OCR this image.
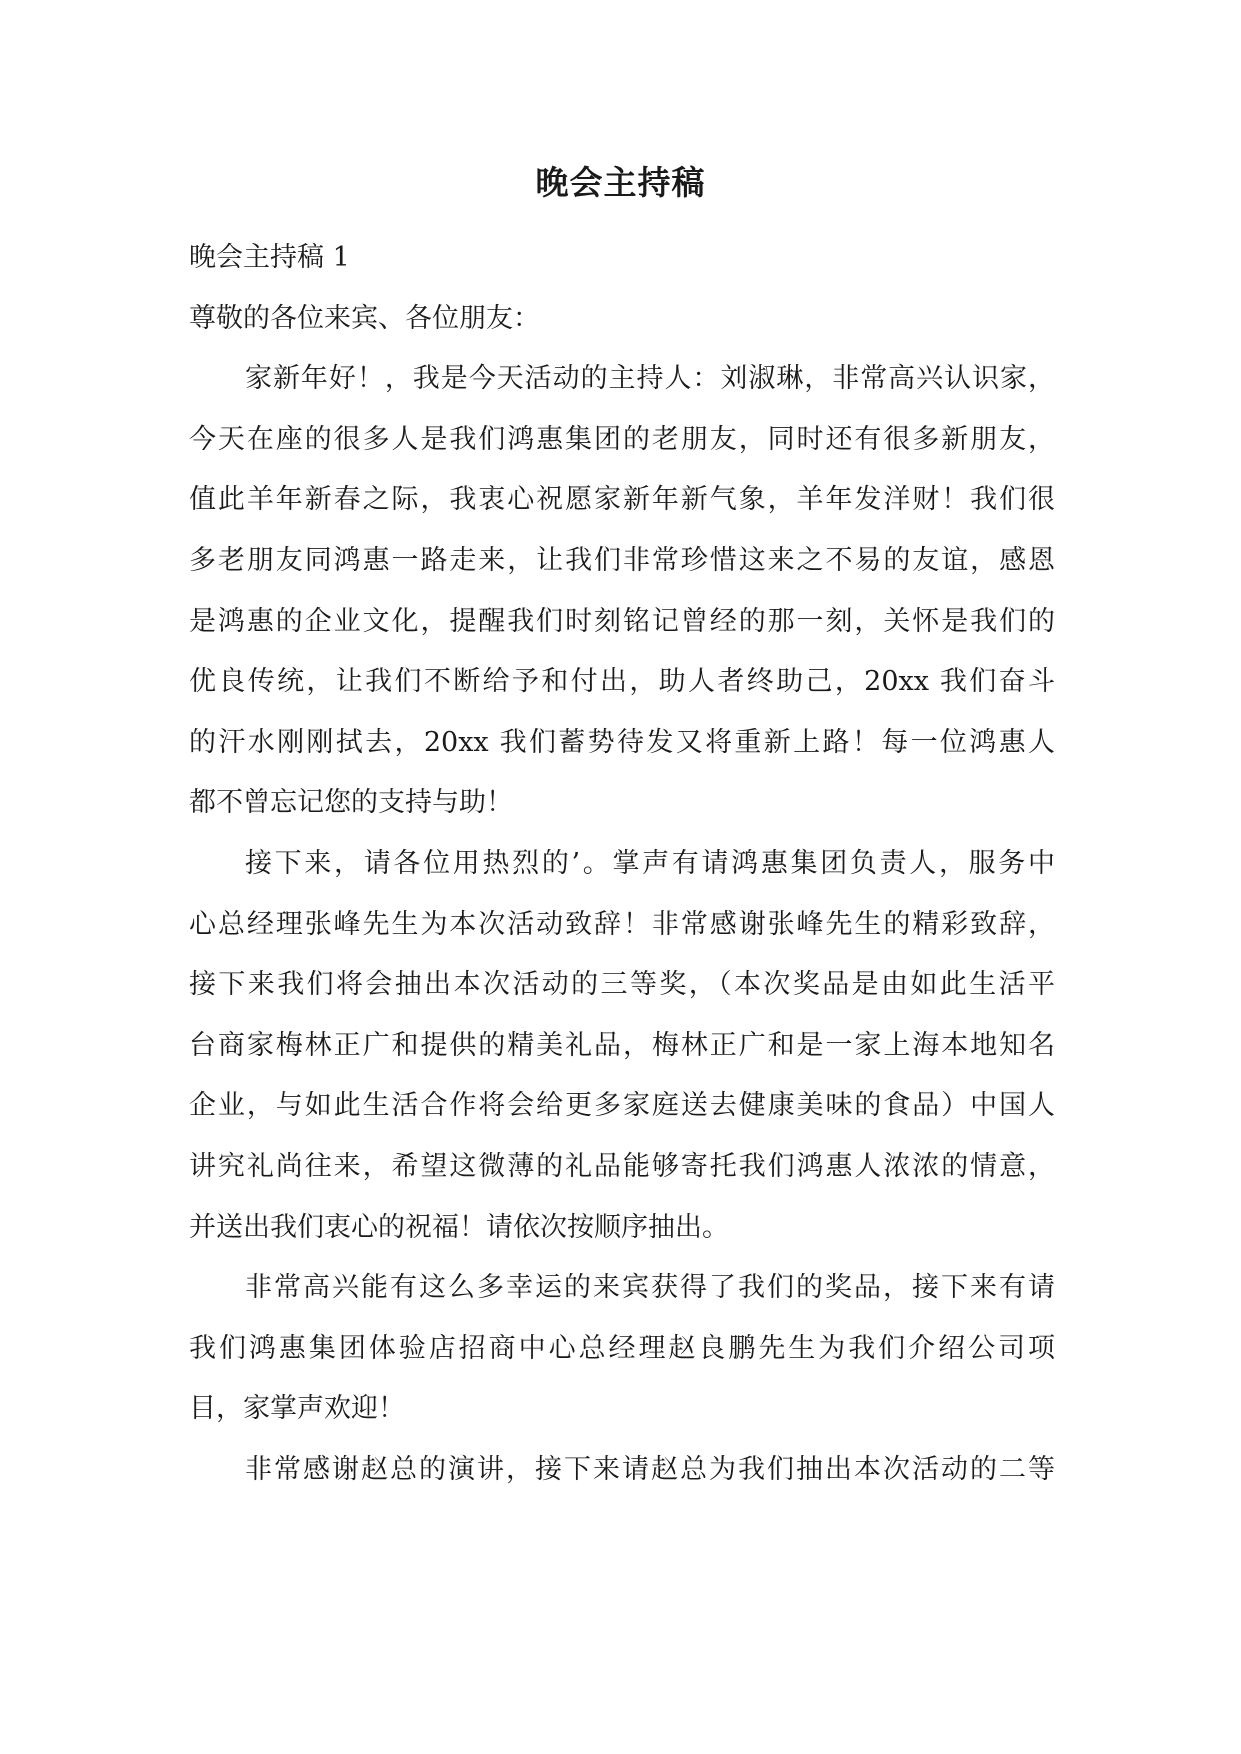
晚会主持稿
晚会主持稿 1
尊敬的各位来宾、各位朋友：
家新年好！，我是今天活动的主持人：刘淑琳，非常高兴认识家，
今天在座的很多人是我们鸿惠集团的老朋友，同时还有很多新朋友，
值此羊年新春之际，我衷心祝愿家新年新气象，羊年发洋财！我们很
多老朋友同鸿惠一路走来，让我们非常珍惜这来之不易的友谊，感恩
是鸿惠的企业文化，提醒我们时刻铭记曾经的那一刻，关怀是我们的
优良传统，让我们不断给予和付出，助人者终助己，20xx 我们奋斗
的汗水刚刚拭去，20xx 我们蓄势待发又将重新上路！每一位鸿惠人
都不曾忘记您的支持与助！
接下来，请各位用热烈的’。掌声有请鸿惠集团负责人，服务中
心总经理张峰先生为本次活动致辞！非常感谢张峰先生的精彩致辞，
接下来我们将会抽出本次活动的三等奖，（本次奖品是由如此生活平
台商家梅林正广和提供的精美礼品，梅林正广和是一家上海本地知名
企业，与如此生活合作将会给更多家庭送去健康美味的食品）中国人
讲究礼尚往来，希望这微薄的礼品能够寄托我们鸿惠人浓浓的情意，
并送出我们衷心的祝福！请依次按顺序抽出。
非常高兴能有这么多幸运的来宾获得了我们的奖品，接下来有请
我们鸿惠集团体验店招商中心总经理赵良鹏先生为我们介绍公司项
目，家掌声欢迎！
非常感谢赵总的演讲，接下来请赵总为我们抽出本次活动的二等
